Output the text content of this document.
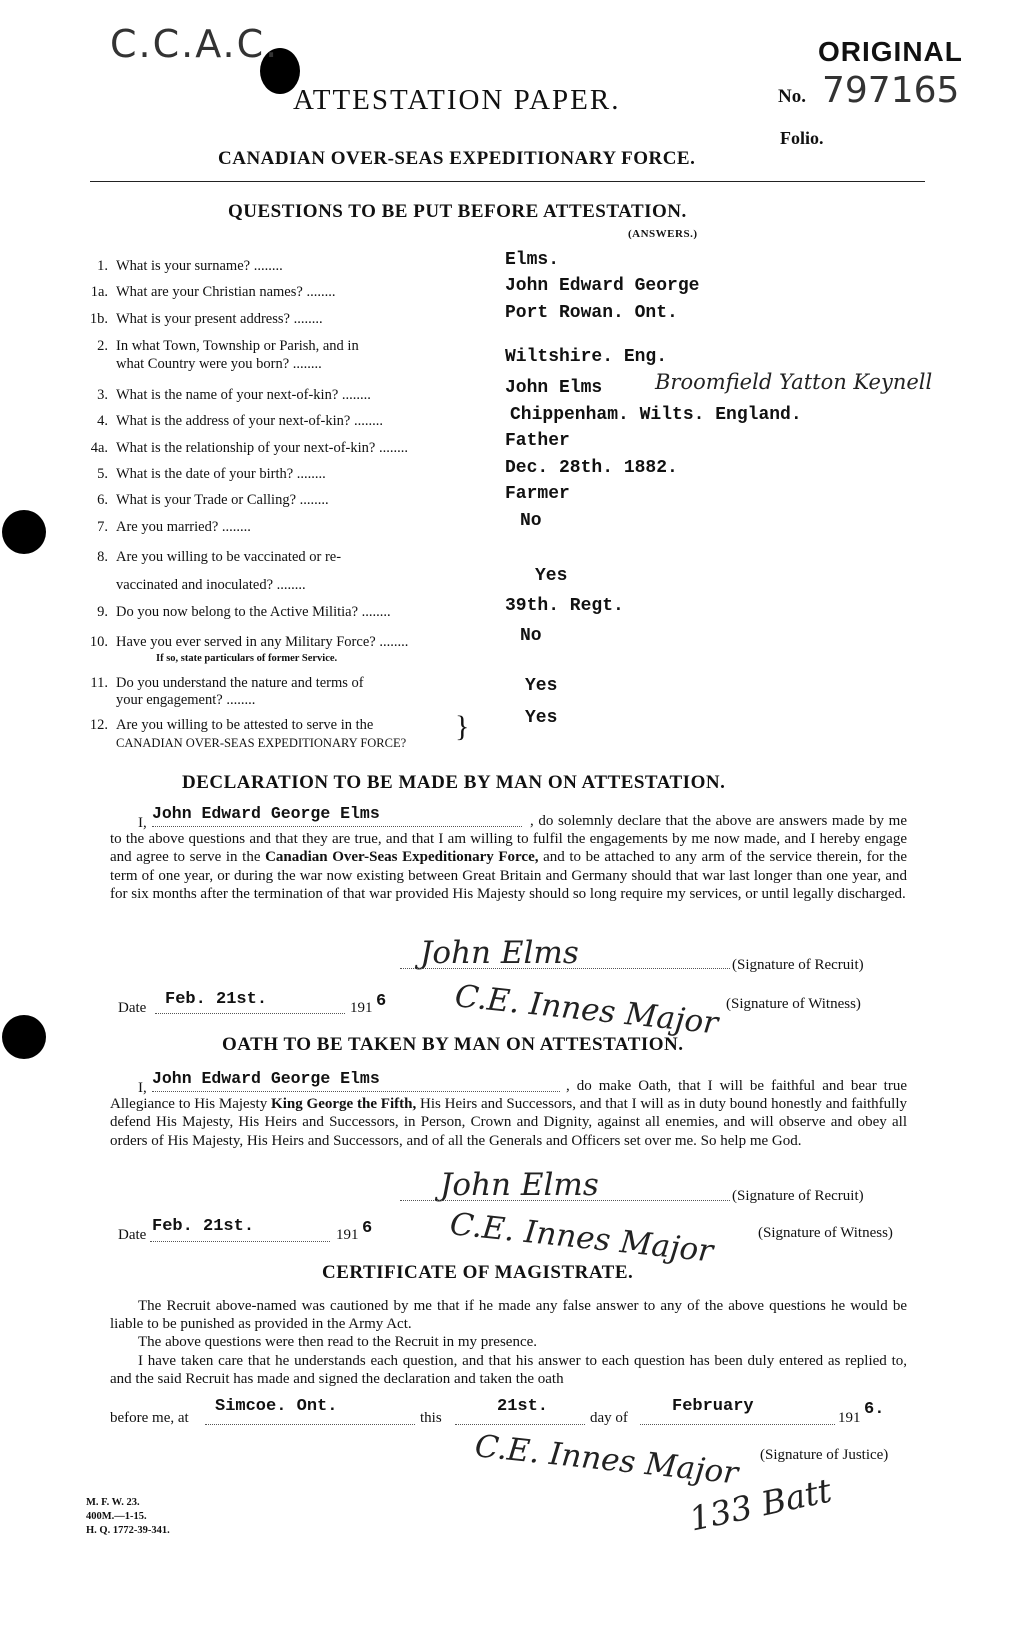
C.C.A.C.	ORIGINAL
ATTESTATION PAPER.	No. 797165
Folio.
CANADIAN OVER-SEAS EXPEDITIONARY FORCE.
QUESTIONS TO BE PUT BEFORE ATTESTATION.
(ANSWERS.)
1. What is your surname? ........	Elms.
1a. What are your Christian names? ........	John Edward George
1b. What is your present address? ........	Port Rowan. Ont.
2. In what Town, Township or Parish, and in
what Country were you born? ........	Wiltshire. Eng.
3. What is the name of your next-of-kin? ........	John Elms	Broomfield Yatton Keynell
4. What is the address of your next-of-kin? ........	Chippenham. Wilts. England.
4a. What is the relationship of your next-of-kin? ........	Father
5. What is the date of your birth? ........	Dec. 28th. 1882.
6. What is your Trade or Calling? ........	Farmer
7. Are you married? ........	No
8. Are you willing to be vaccinated or re-
vaccinated and inoculated? ........	Yes
9. Do you now belong to the Active Militia? ........	39th. Regt.
10. Have you ever served in any Military Force? ........
If so, state particulars of former Service.
No
11. Do you understand the nature and terms of
your engagement? ........
Yes
12. Are you willing to be attested to serve in the
CANADIAN OVER-SEAS EXPEDITIONARY FORCE? }	Yes
DECLARATION TO BE MADE BY MAN ON ATTESTATION.
I, John Edward George Elms	, do solemnly declare that the above are answers made by me to the above questions and that they are true, and that I am willing to fulfil the engagements by me now made, and I hereby engage and agree to serve in the Canadian Over-Seas Expeditionary Force, and to be attached to any arm of the service therein, for the term of one year, or during the war now existing between Great Britain and Germany should that war last longer than one year, and for six months after the termination of that war provided His Majesty should so long require my services, or until legally discharged.
John Elms	(Signature of Recruit)
Date Feb. 21st.	191 6 C.E. Innes Major (Signature of Witness)
OATH TO BE TAKEN BY MAN ON ATTESTATION.
I, John Edward George Elms	, do make Oath, that I will be faithful and bear true Allegiance to His Majesty King George the Fifth, His Heirs and Successors, and that I will as in duty bound honestly and faithfully defend His Majesty, His Heirs and Successors, in Person, Crown and Dignity, against all enemies, and will observe and obey all orders of His Majesty, His Heirs and Successors, and of all the Generals and Officers set over me. So help me God.
John Elms	(Signature of Recruit)
Date Feb. 21st.	191 6 C.E. Innes Major	(Signature of Witness)
CERTIFICATE OF MAGISTRATE.

The Recruit above-named was cautioned by me that if he made any false answer to any of the above questions he would be liable to be punished as provided in the Army Act.

The above questions were then read to the Recruit in my presence.

I have taken care that he understands each question, and that his answer to each question has been duly entered as replied to, and the said Recruit has made and signed the declaration and taken the oath

before me, at
Simcoe. Ont.
this
21st.
day of
February
191 6.
C.E. Innes Major (Signature of Justice)
133 Batt
M. F. W. 23.
400M.—1-15.
H. Q. 1772-39-341.
